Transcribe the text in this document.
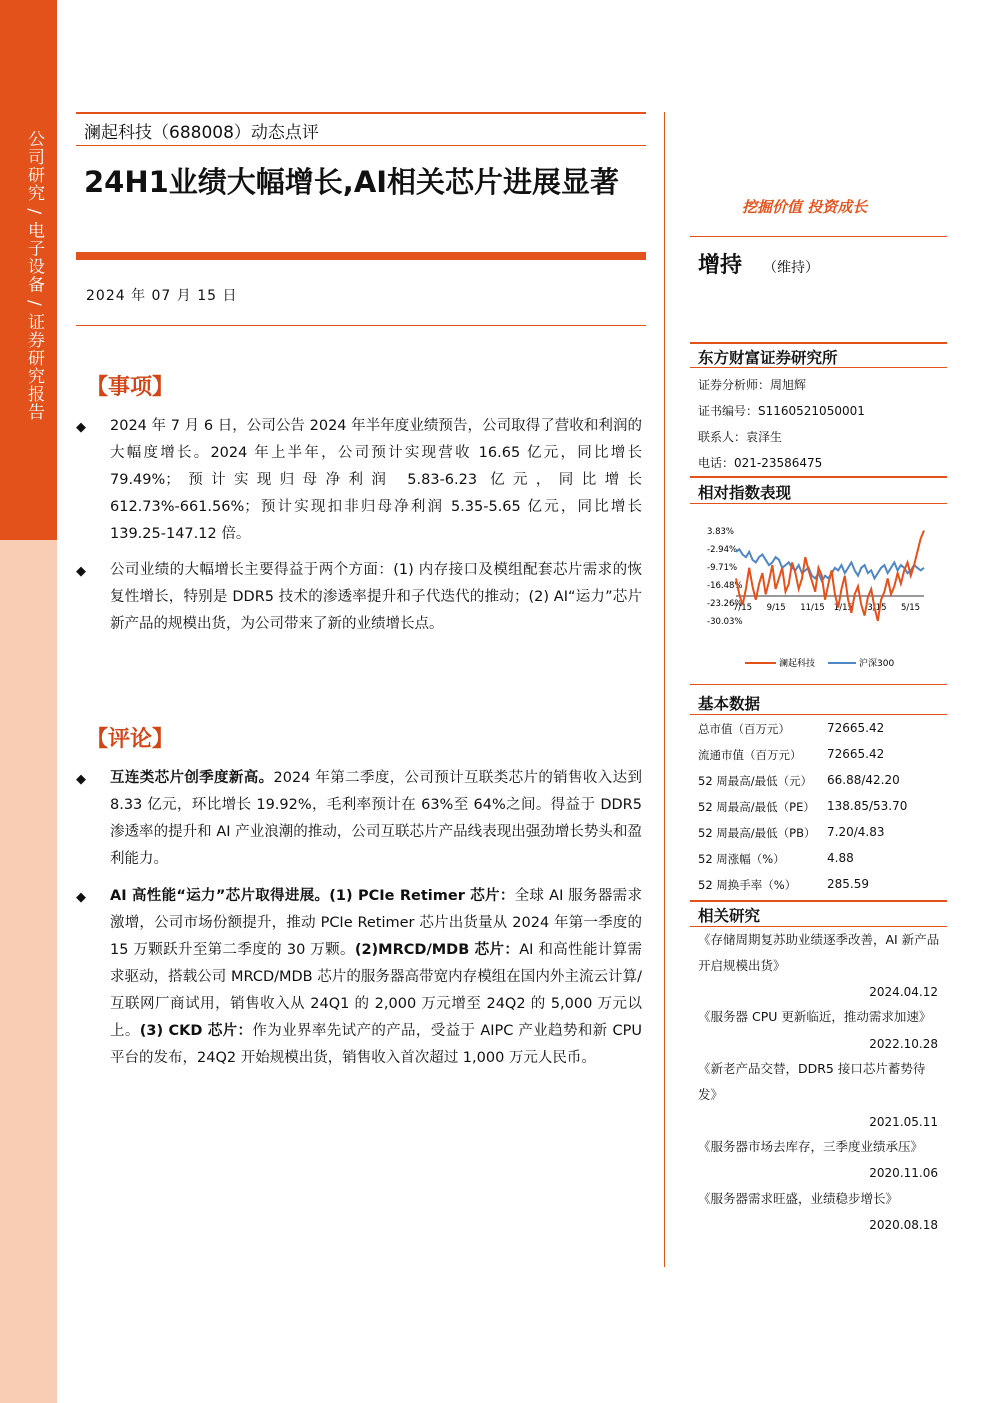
公司研究 / 电子设备 / 证券研究报告 澜起科技（688008）动态点评
24H1业绩大幅增长,AI相关芯片进展显著
2024 年 07 月 15 日
【事项】
◆ 2024 年 7 月 6 日，公司公告 2024 年半年度业绩预告，公司取得了营收和利润的大幅度增长。2024 年上半年，公司预计实现营收 16.65 亿元，同比增长 79.49%；预计实现归母净利润 5.83-6.23 亿元，同比增长 612.73%-661.56%；预计实现扣非归母净利润 5.35-5.65 亿元，同比增长 139.25-147.12 倍。
◆ 公司业绩的大幅增长主要得益于两个方面：(1) 内存接口及模组配套芯片需求的恢复性增长，特别是 DDR5 技术的渗透率提升和子代迭代的推动；(2) AI“运力”芯片新产品的规模出货，为公司带来了新的业绩增长点。
【评论】
◆ 互连类芯片创季度新高。2024 年第二季度，公司预计互联类芯片的销售收入达到 8.33 亿元，环比增长 19.92%，毛利率预计在 63%至 64%之间。得益于 DDR5 渗透率的提升和 AI 产业浪潮的推动，公司互联芯片产品线表现出强劲增长势头和盈利能力。
◆ AI 高性能“运力”芯片取得进展。(1) PCIe Retimer 芯片：全球 AI 服务器需求激增，公司市场份额提升，推动 PCIe Retimer 芯片出货量从 2024 年第一季度的 15 万颗跃升至第二季度的 30 万颗。(2)MRCD/MDB 芯片：AI 和高性能计算需求驱动，搭载公司 MRCD/MDB 芯片的服务器高带宽内存模组在国内外主流云计算/互联网厂商试用，销售收入从 24Q1 的 2,000 万元增至 24Q2 的 5,000 万元以上。(3) CKD 芯片：作为业界率先试产的产品，受益于 AIPC 产业趋势和新 CPU 平台的发布，24Q2 开始规模出货，销售收入首次超过 1,000 万元人民币。
挖掘价值 投资成长
增持 （维持）
东方财富证券研究所
证券分析师：周旭辉
证书编号：S1160521050001
联系人：袁泽生
电话：021-23586475
相对指数表现
3.83%
-2.94%
-9.71%
-16.48%
-23.26%
-30.03%
7/15 9/15 11/15 1/15 3/15 5/15
澜起科技	沪深300
基本数据
总市值（百万元）	72665.42
流通市值（百万元） 72665.42
52 周最高/最低（元） 66.88/42.20
52 周最高/最低（PE） 138.85/53.70
52 周最高/最低（PB） 7.20/4.83
52 周涨幅（%）	4.88
52 周换手率（%）	285.59
相关研究
《存储周期复苏助业绩逐季改善，AI 新产品开启规模出货》
2024.04.12
《服务器 CPU 更新临近，推动需求加速》
2022.10.28
《新老产品交替，DDR5 接口芯片蓄势待发》
2021.05.11
《服务器市场去库存，三季度业绩承压》
2020.11.06
《服务器需求旺盛，业绩稳步增长》
2020.08.18
